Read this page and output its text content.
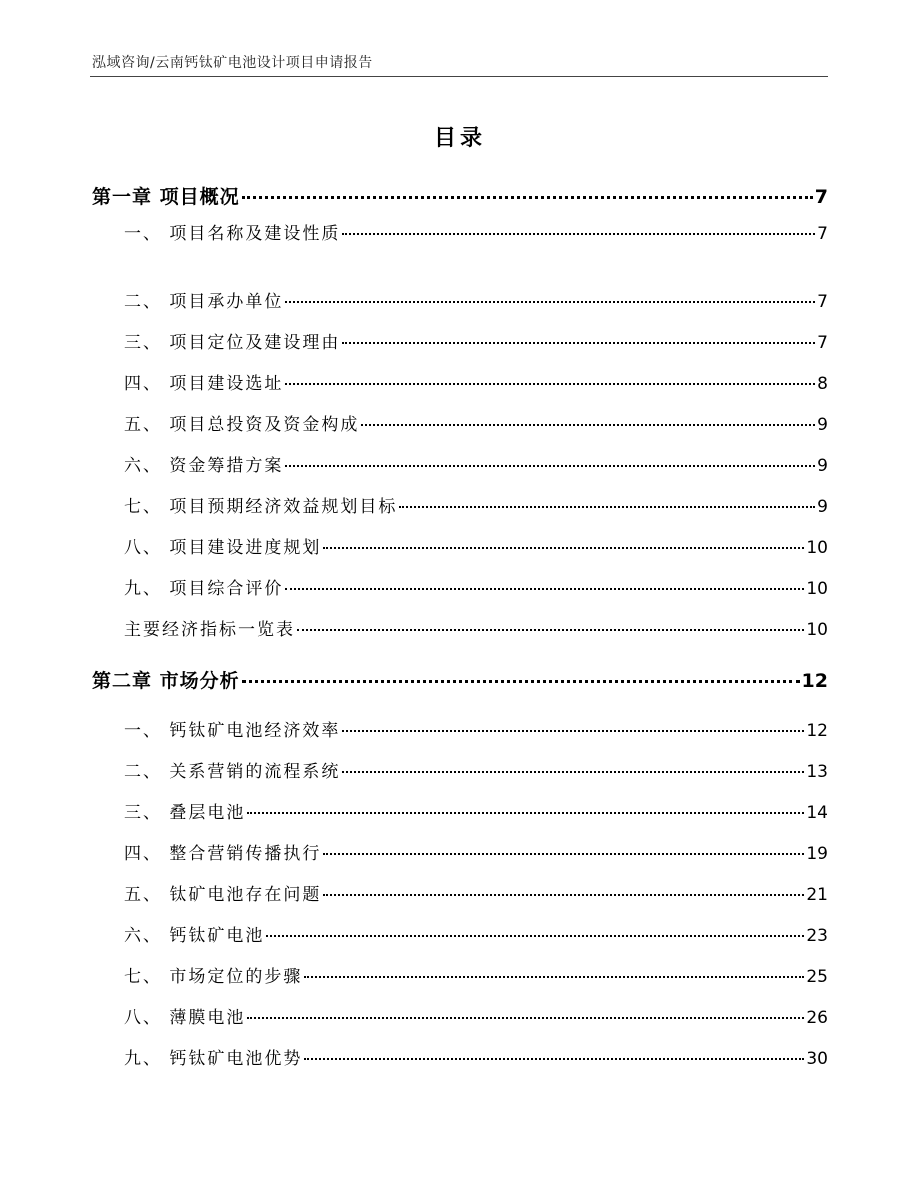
泓域咨询/云南钙钛矿电池设计项目申请报告
目录
第一章 项目概况	7
一、 项目名称及建设性质	7
二、 项目承办单位	7
三、 项目定位及建设理由	7
四、 项目建设选址	8
五、 项目总投资及资金构成	9
六、 资金筹措方案	9
七、 项目预期经济效益规划目标	9
八、 项目建设进度规划	10
九、 项目综合评价	10
主要经济指标一览表	10
第二章 市场分析	12
一、 钙钛矿电池经济效率	12
二、 关系营销的流程系统	13
三、 叠层电池	14
四、 整合营销传播执行	19
五、 钛矿电池存在问题	21
六、 钙钛矿电池	23
七、 市场定位的步骤	25
八、 薄膜电池	26
九、 钙钛矿电池优势	30
